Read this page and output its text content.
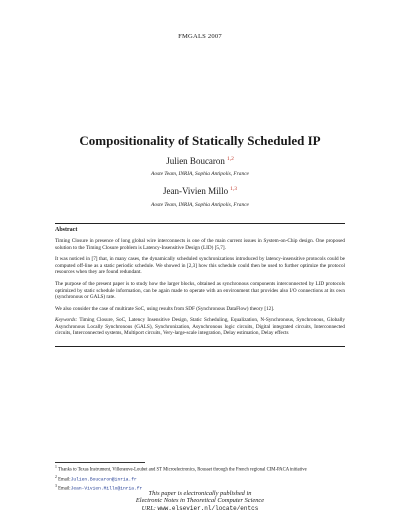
FMGALS 2007
Compositionality of Statically Scheduled IP
Julien Boucaron $^{1,2}$
Aoste Team, INRIA, Sophia Antipolis, France
Jean-Vivien Millo $^{1,3}$
Aoste Team, INRIA, Sophia Antipolis, France
Abstract

Timing Closure in presence of long global wire interconnects is one of the main current issues in System-on-Chip design. One proposed solution to the Timing Closure problem is Latency-Insensitive Design (LID) [5,7].

It was noticed in [7] that, in many cases, the dynamically scheduled synchronizations introduced by latency-insensitive protocols could be computed off-line as a static periodic schedule. We showed in [2,3] how this schedule could then be used to further optimize the protocol resources when they are found redundant.

The purpose of the present paper is to study how the larger blocks, obtained as synchronous components interconnected by LID protocols optimized by static schedule information, can be again made to operate with an environment that provides also I/O connections at its own (synchronous or GALS) rate.

We also consider the case of multirate SoC, using results from SDF (Synchronous DataFlow) theory [12].

Keywords: Timing Closure, SoC, Latency Insensitive Design, Static Scheduling, Equalization, N-Synchronous, Synchronous, Globally Asynchronous Locally Synchronous (GALS), Synchronization, Asynchronous logic circuits, Digital integrated circuits, Interconnected circuits, Interconnected systems, Multiport circuits, Very-large-scale integration, Delay estimation, Delay effects

$^1$ Thanks to Texas Instrument, Villeneuve-Loubet and ST Microelectronics, Rousset through the French regional CIM-PACA initiative

$^2$ Email:Julien.Boucaron@inria.fr

$^3$ Email:Jean-Vivien.Millo@inria.fr

This paper is electronically published in
Electronic Notes in Theoretical Computer Science
URL: www.elsevier.nl/locate/entcs
